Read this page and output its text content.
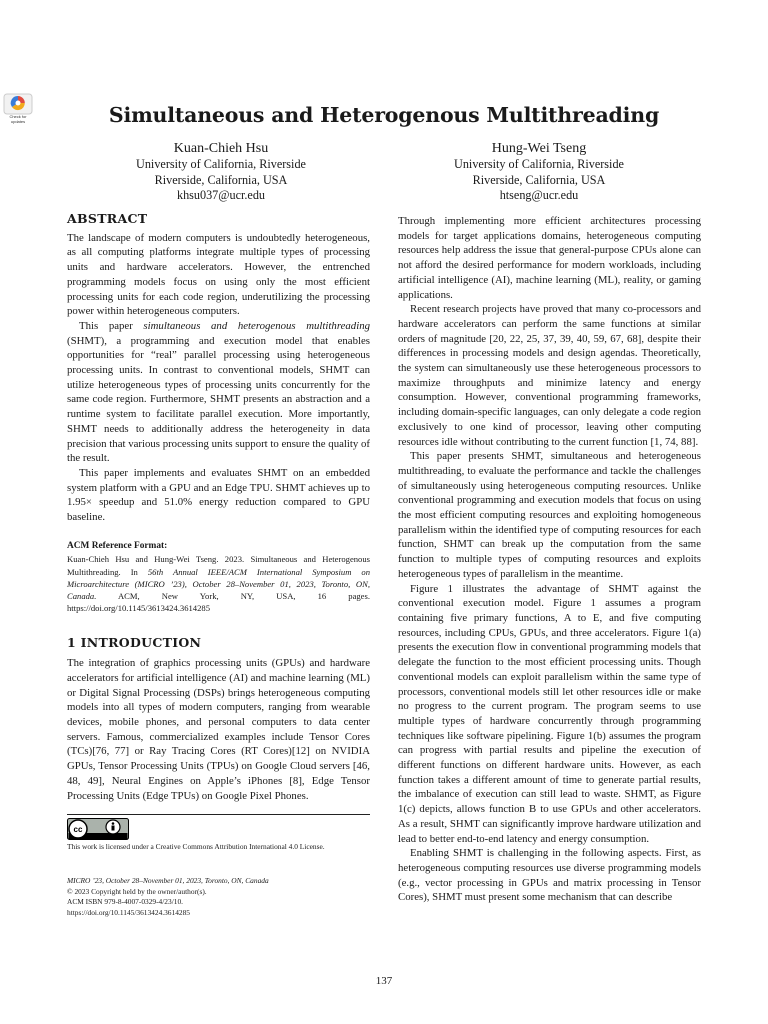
Check for updates	Simultaneous and Heterogenous Multithreading
Kuan-Chieh Hsu
University of California, Riverside
Riverside, California, USA
khsu037@ucr.edu
Hung-Wei Tseng
University of California, Riverside
Riverside, California, USA
htseng@ucr.edu

ABSTRACT

The landscape of modern computers is undoubtedly heterogeneous, as all computing platforms integrate multiple types of processing units and hardware accelerators. However, the entrenched programming models focus on using only the most efficient processing units for each code region, underutilizing the processing power within heterogeneous computers.

This paper simultaneous and heterogenous multithreading (SHMT), a programming and execution model that enables opportunities for “real” parallel processing using heterogeneous processing units. In contrast to conventional models, SHMT can utilize heterogeneous types of processing units concurrently for the same code region. Furthermore, SHMT presents an abstraction and a runtime system to facilitate parallel execution. More importantly, SHMT needs to additionally address the heterogeneity in data precision that various processing units support to ensure the quality of the result.

This paper implements and evaluates SHMT on an embedded system platform with a GPU and an Edge TPU. SHMT achieves up to 1.95× speedup and 51.0% energy reduction compared to GPU baseline.

ACM Reference Format:

Kuan-Chieh Hsu and Hung-Wei Tseng. 2023. Simultaneous and Heterogenous Multithreading. In 56th Annual IEEE/ACM International Symposium on Microarchitecture (MICRO ’23), October 28–November 01, 2023, Toronto, ON, Canada. ACM, New York, NY, USA, 16 pages. https://doi.org/10.1145/3613424.3614285

1 INTRODUCTION

The integration of graphics processing units (GPUs) and hardware accelerators for artificial intelligence (AI) and machine learning (ML) or Digital Signal Processing (DSPs) brings heterogeneous computing models into all types of modern computers, ranging from wearable devices, mobile phones, and personal computers to data center servers. Famous, commercialized examples include Tensor Cores (TCs)[76, 77] or Ray Tracing Cores (RT Cores)[12] on NVIDIA GPUs, Tensor Processing Units (TPUs) on Google Cloud servers [46, 48, 49], Neural Engines on Apple’s iPhones [8], Edge Tensor Processing Units (Edge TPUs) on Google Pixel Phones.

cc
This work is licensed under a Creative Commons Attribution International 4.0 License.
MICRO ’23, October 28–November 01, 2023, Toronto, ON, Canada
© 2023 Copyright held by the owner/author(s).
ACM ISBN 979-8-4007-0329-4/23/10.
https://doi.org/10.1145/3613424.3614285

Through implementing more efficient architectures processing models for target applications domains, heterogeneous computing resources help address the issue that general-purpose CPUs alone can not afford the desired performance for modern workloads, including artificial intelligence (AI), machine learning (ML), reality, or gaming applications.

Recent research projects have proved that many co-processors and hardware accelerators can perform the same functions at similar orders of magnitude [20, 22, 25, 37, 39, 40, 59, 67, 68], despite their differences in processing models and design agendas. Theoretically, the system can simultaneously use these heterogeneous processors to maximize throughputs and minimize latency and energy consumption. However, conventional programming frameworks, including domain-specific languages, can only delegate a code region exclusively to one kind of processor, leaving other computing resources idle without contributing to the current function [1, 74, 88].

This paper presents SHMT, simultaneous and heterogeneous multithreading, to evaluate the performance and tackle the challenges of simultaneously using heterogeneous computing resources. Unlike conventional programming and execution models that focus on using the most efficient computing resources and exploiting homogeneous parallelism within the identified type of computing resources for each function, SHMT can break up the computation from the same function to multiple types of computing resources and exploits heterogeneous types of parallelism in the meantime.

Figure 1 illustrates the advantage of SHMT against the conventional execution model. Figure 1 assumes a program containing five primary functions, A to E, and five computing resources, including CPUs, GPUs, and three accelerators. Figure 1(a) presents the execution flow in conventional programming models that delegate the function to the most efficient processing units. Though conventional models can exploit parallelism within the same type of processors, conventional models still let other resources idle or make no progress to the current program. The program seems to use multiple types of hardware concurrently through programming techniques like software pipelining. Figure 1(b) assumes the program can progress with partial results and pipeline the execution of different functions on different hardware units. However, as each function takes a different amount of time to generate partial results, the imbalance of execution can still lead to waste. SHMT, as Figure 1(c) depicts, allows function B to use GPUs and other accelerators. As a result, SHMT can significantly improve hardware utilization and lead to better end-to-end latency and energy consumption.

Enabling SHMT is challenging in the following aspects. First, as heterogeneous computing resources use diverse programming models (e.g., vector processing in GPUs and matrix processing in Tensor Cores), SHMT must present some mechanism that can describe

137
